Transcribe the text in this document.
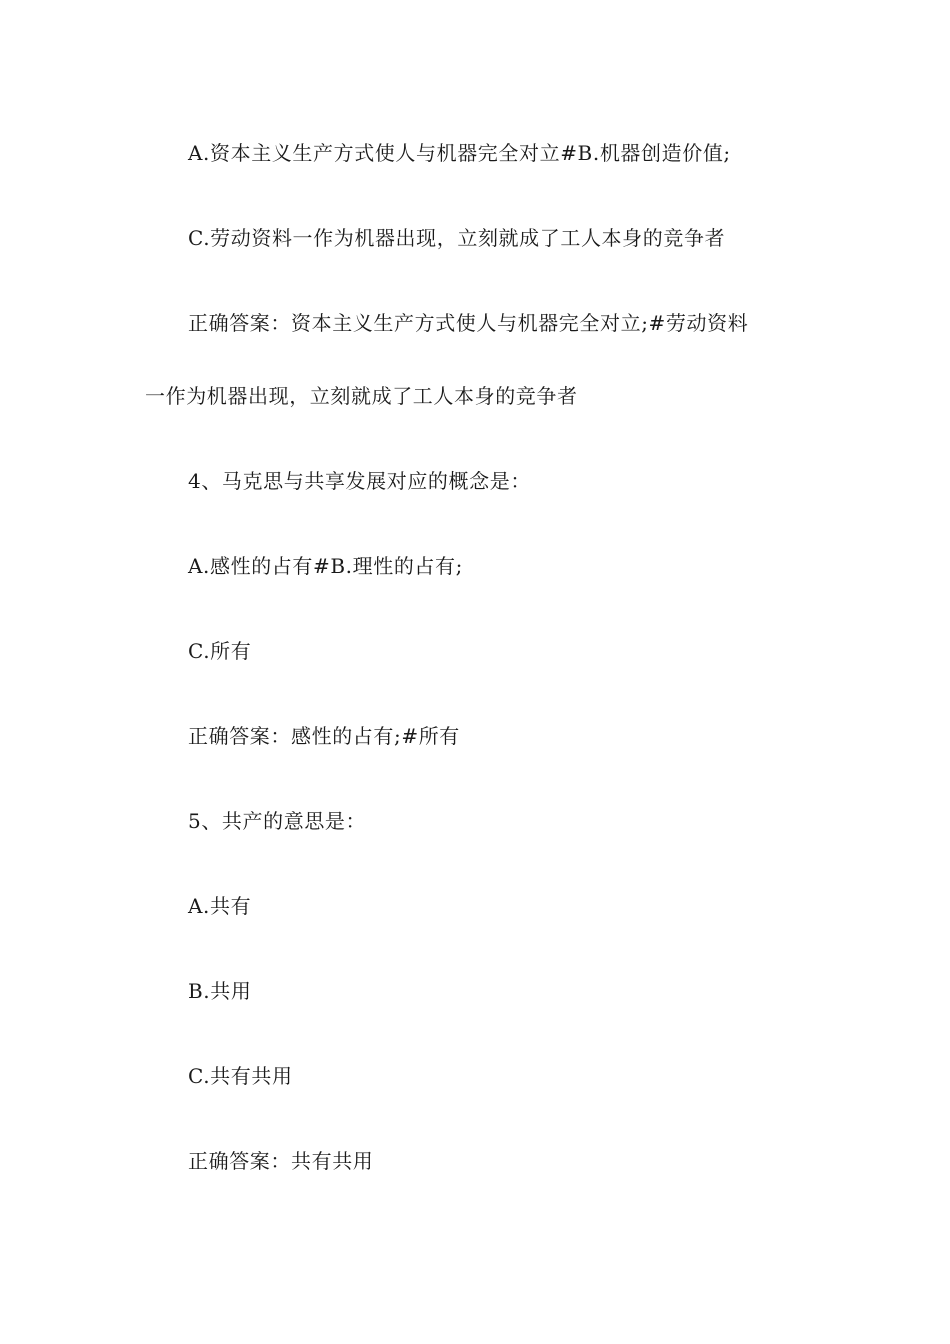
A.资本主义生产方式使人与机器完全对立#B.机器创造价值;
C.劳动资料一作为机器出现，立刻就成了工人本身的竞争者
正确答案：资本主义生产方式使人与机器完全对立;#劳动资料
一作为机器出现，立刻就成了工人本身的竞争者
4、马克思与共享发展对应的概念是：
A.感性的占有#B.理性的占有;
C.所有
正确答案：感性的占有;#所有
5、共产的意思是：
A.共有
B.共用
C.共有共用
正确答案：共有共用
